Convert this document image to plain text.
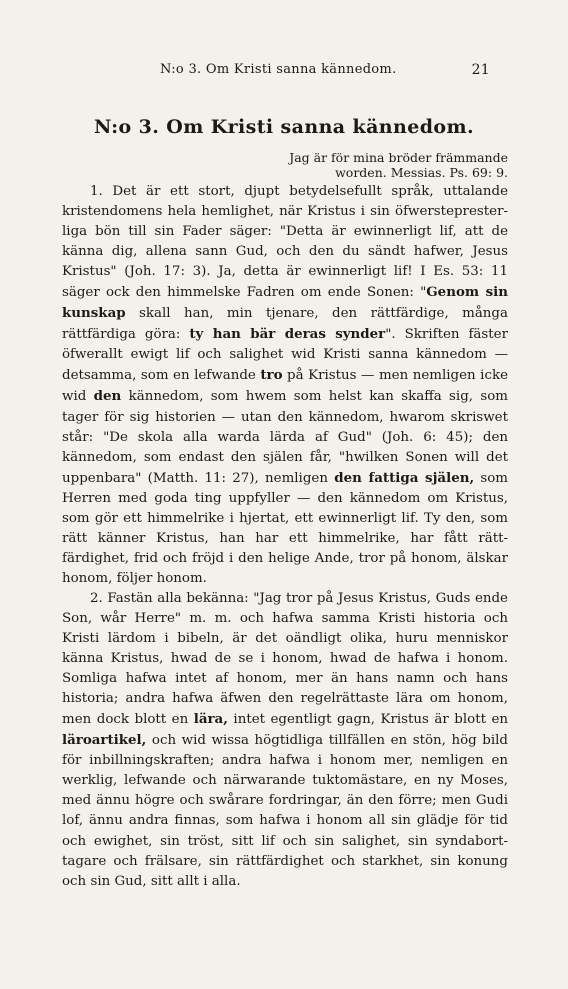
N:o 3. Om Kristi sanna kännedom.	21
N:o 3. Om Kristi sanna kännedom.
Jag är för mina bröder främmande
worden. Messias. Ps. 69: 9.

1. Det är ett stort, djupt betydelsefullt språk, uttalande kristendomens hela hemlighet, när Kristus i sin öfwerstepresterliga bön till sin Fader säger: "Detta är ewinnerligt lif, att de känna dig, allena sann Gud, och den du sändt hafwer, Jesus Kristus" (Joh. 17: 3). Ja, detta är ewinnerligt lif! I Es. 53: 11 säger ock den himmelske Fadren om ende Sonen: "Genom sin kunskap skall han, min tjenare, den rättfärdige, många rättfärdiga göra: ty han bär deras synder". Skriften fäster öfwerallt ewigt lif och salighet wid Kristi sanna kännedom — detsamma, som en lefwande tro på Kristus — men nemligen icke wid den kännedom, som hwem som helst kan skaffa sig, som tager för sig historien — utan den kännedom, hwarom skriswet står: "De skola alla warda lärda af Gud" (Joh. 6: 45); den kännedom, som endast den själen får, "hwilken Sonen will det uppenbara" (Matth. 11: 27), nemligen den fattiga själen, som Herren med goda ting uppfyller — den kännedom om Kristus, som gör ett himmelrike i hjertat, ett ewinnerligt lif. Ty den, som rätt känner Kristus, han har ett himmelrike, har fått rättfärdighet, frid och fröjd i den helige Ande, tror på honom, älskar honom, följer honom.

2. Fastän alla bekänna: "Jag tror på Jesus Kristus, Guds ende Son, wår Herre" m. m. och hafwa samma Kristi historia och Kristi lärdom i bibeln, är det oändligt olika, huru menniskor känna Kristus, hwad de se i honom, hwad de hafwa i honom. Somliga hafwa intet af honom, mer än hans namn och hans historia; andra hafwa äfwen den regelrättaste lära om honom, men dock blott en lära, intet egentligt gagn, Kristus är blott en läroartikel, och wid wissa högtidliga tillfällen en stön, hög bild för inbillningskraften; andra hafwa i honom mer, nemligen en werklig, lefwande och närwarande tuktomästare, en ny Moses, med ännu högre och swårare fordringar, än den förre; men Gudi lof, ännu andra finnas, som hafwa i honom all sin glädje för tid och ewighet, sin tröst, sitt lif och sin salighet, sin syndaborttagare och frälsare, sin rättfärdighet och starkhet, sin konung och sin Gud, sitt allt i alla.
